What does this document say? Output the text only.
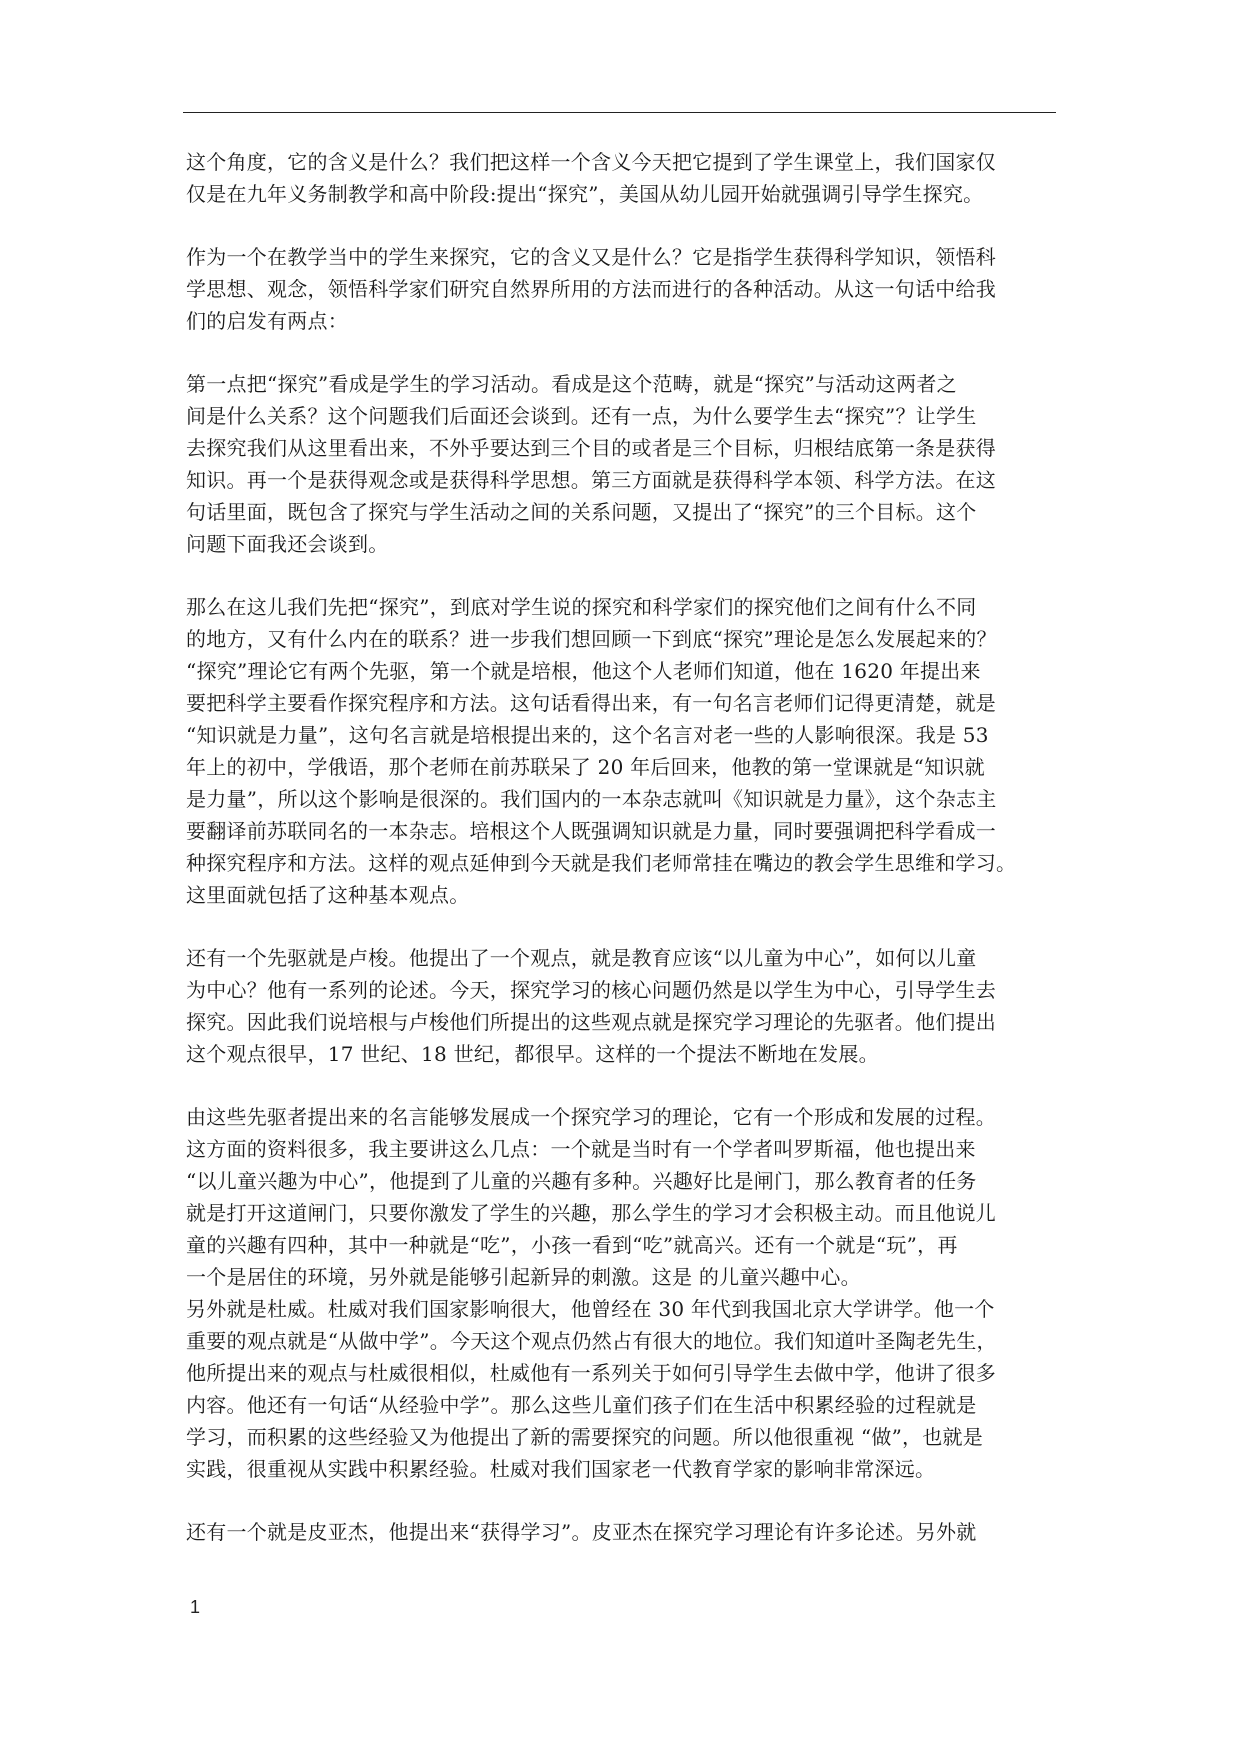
这个角度，它的含义是什么？我们把这样一个含义今天把它提到了学生课堂上，我们国家仅
仅是在九年义务制教学和高中阶段:提出“探究”，美国从幼儿园开始就强调引导学生探究。

作为一个在教学当中的学生来探究，它的含义又是什么？它是指学生获得科学知识，领悟科
学思想、观念，领悟科学家们研究自然界所用的方法而进行的各种活动。从这一句话中给我
们的启发有两点：

第一点把“探究”看成是学生的学习活动。看成是这个范畴，就是“探究”与活动这两者之
间是什么关系？这个问题我们后面还会谈到。还有一点，为什么要学生去“探究”？让学生
去探究我们从这里看出来，不外乎要达到三个目的或者是三个目标，归根结底第一条是获得
知识。再一个是获得观念或是获得科学思想。第三方面就是获得科学本领、科学方法。在这
句话里面，既包含了探究与学生活动之间的关系问题，又提出了“探究”的三个目标。这个
问题下面我还会谈到。

那么在这儿我们先把“探究”，到底对学生说的探究和科学家们的探究他们之间有什么不同
的地方，又有什么内在的联系？进一步我们想回顾一下到底“探究”理论是怎么发展起来的？
“探究”理论它有两个先驱，第一个就是培根，他这个人老师们知道，他在 1620 年提出来
要把科学主要看作探究程序和方法。这句话看得出来，有一句名言老师们记得更清楚，就是
“知识就是力量”，这句名言就是培根提出来的，这个名言对老一些的人影响很深。我是 53
年上的初中，学俄语，那个老师在前苏联呆了 20 年后回来，他教的第一堂课就是“知识就
是力量”，所以这个影响是很深的。我们国内的一本杂志就叫《知识就是力量》，这个杂志主
要翻译前苏联同名的一本杂志。培根这个人既强调知识就是力量，同时要强调把科学看成一
种探究程序和方法。这样的观点延伸到今天就是我们老师常挂在嘴边的教会学生思维和学习。
这里面就包括了这种基本观点。

还有一个先驱就是卢梭。他提出了一个观点，就是教育应该“以儿童为中心”，如何以儿童
为中心？他有一系列的论述。今天，探究学习的核心问题仍然是以学生为中心，引导学生去
探究。因此我们说培根与卢梭他们所提出的这些观点就是探究学习理论的先驱者。他们提出
这个观点很早，17 世纪、18 世纪，都很早。这样的一个提法不断地在发展。

由这些先驱者提出来的名言能够发展成一个探究学习的理论，它有一个形成和发展的过程。
这方面的资料很多，我主要讲这么几点：一个就是当时有一个学者叫罗斯福，他也提出来
“以儿童兴趣为中心”，他提到了儿童的兴趣有多种。兴趣好比是闸门，那么教育者的任务
就是打开这道闸门，只要你激发了学生的兴趣，那么学生的学习才会积极主动。而且他说儿
童的兴趣有四种，其中一种就是“吃”，小孩一看到“吃”就高兴。还有一个就是“玩”，再
一个是居住的环境，另外就是能够引起新异的刺激。这是 的儿童兴趣中心。

另外就是杜威。杜威对我们国家影响很大，他曾经在 30 年代到我国北京大学讲学。他一个
重要的观点就是“从做中学”。今天这个观点仍然占有很大的地位。我们知道叶圣陶老先生，
他所提出来的观点与杜威很相似，杜威他有一系列关于如何引导学生去做中学，他讲了很多
内容。他还有一句话“从经验中学”。那么这些儿童们孩子们在生活中积累经验的过程就是
学习，而积累的这些经验又为他提出了新的需要探究的问题。所以他很重视 “做”，也就是
实践，很重视从实践中积累经验。杜威对我们国家老一代教育学家的影响非常深远。

还有一个就是皮亚杰，他提出来“获得学习”。皮亚杰在探究学习理论有许多论述。另外就

1
